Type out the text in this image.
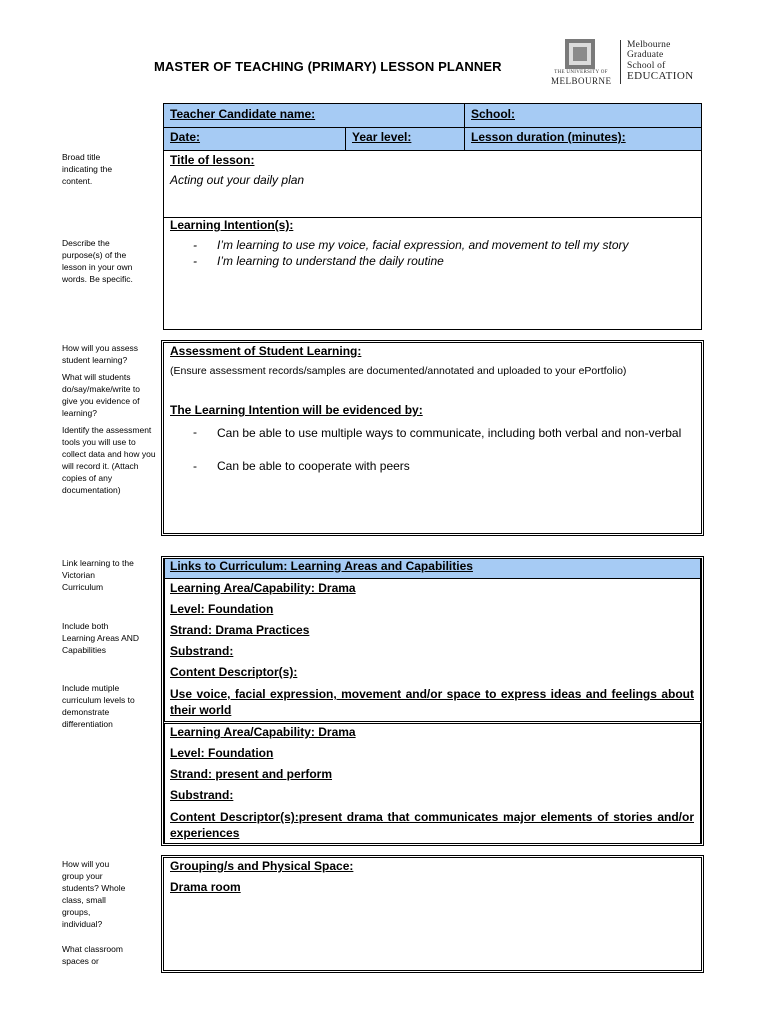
MASTER OF TEACHING (PRIMARY) LESSON PLANNER	THE UNIVERSITY OF
MELBOURNE
Melbourne
Graduate
School of
EDUCATION
Teacher Candidate name:	School:
Date:	Year level:	Lesson duration (minutes):
Title of lesson:
Acting out your daily plan
Learning Intention(s):
- I’m learning to use my voice, facial expression, and movement to tell my story
- I’m learning to understand the daily routine
Assessment of Student Learning:
(Ensure assessment records/samples are documented/annotated and uploaded to your ePortfolio)
The Learning Intention will be evidenced by:
- Can be able to use multiple ways to communicate, including both verbal and non-verbal
- Can be able to cooperate with peers
Links to Curriculum: Learning Areas and Capabilities
Learning Area/Capability: Drama
Level: Foundation
Strand: Drama Practices
Substrand:
Content Descriptor(s):
Use voice, facial expression, movement and/or space to express ideas and feelings about their world
Learning Area/Capability: Drama
Level: Foundation
Strand: present and perform
Substrand:
Content Descriptor(s):present drama that communicates major elements of stories and/or experiences
Grouping/s and Physical Space:
Drama room
Broad title indicating the content.
Describe the purpose(s) of the lesson in your own words. Be specific.
How will you assess student learning?
What will students do/say/make/write to give you evidence of learning?
Identify the assessment tools you will use to collect data and how you will record it. (Attach copies of any documentation)
Link learning to the Victorian Curriculum
Include both Learning Areas AND Capabilities
Include mutiple curriculum levels to demonstrate differentiation
How will you group your students? Whole class, small groups, individual?
What classroom spaces or
